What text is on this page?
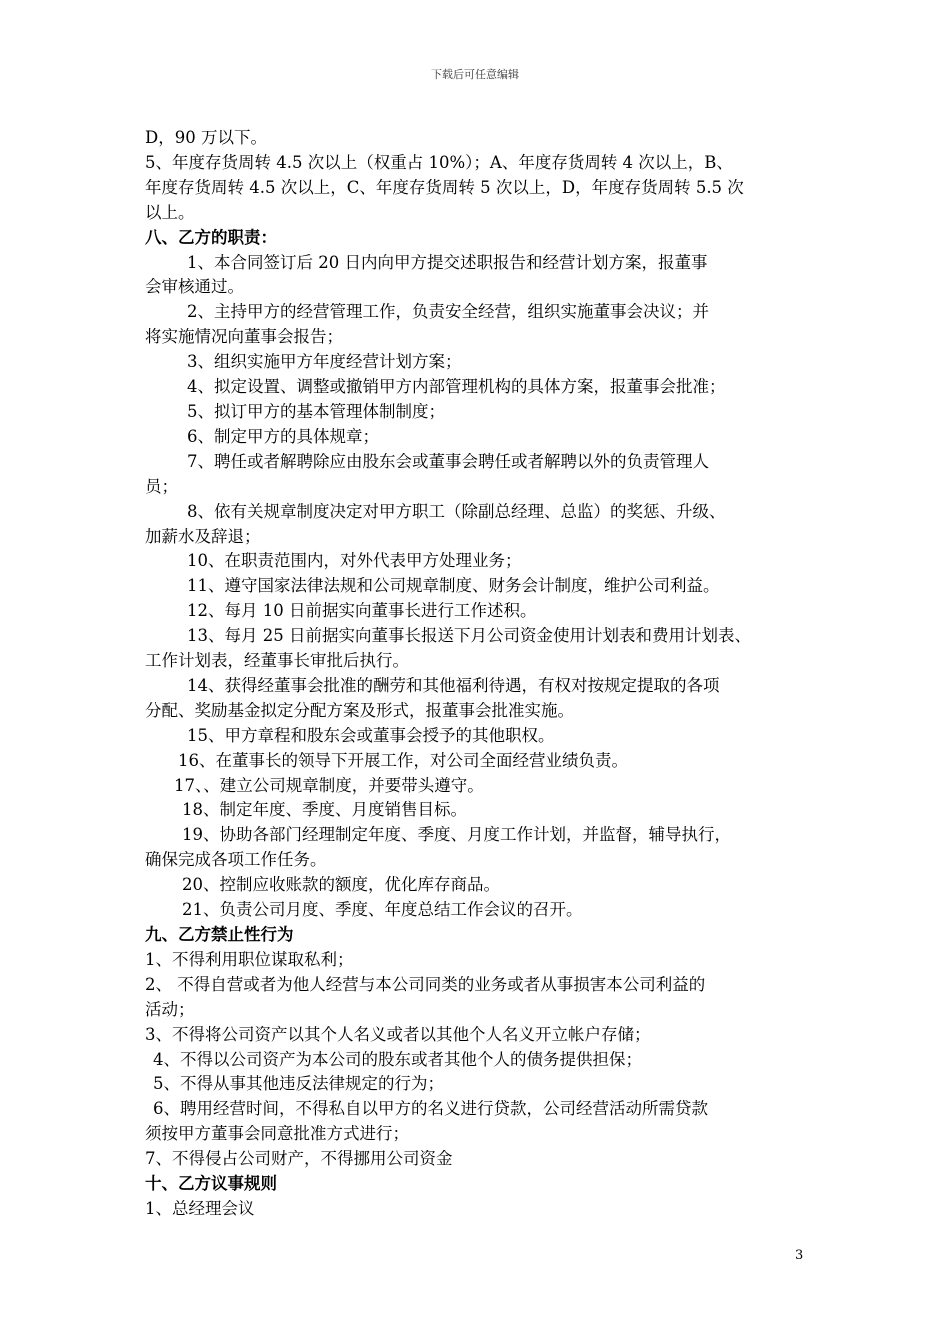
下载后可任意编辑
D，90 万以下。
5、年度存货周转 4.5 次以上（权重占 10%）；A、年度存货周转 4 次以上，B、
年度存货周转 4.5 次以上，C、年度存货周转 5 次以上，D，年度存货周转 5.5 次
以上。
八、乙方的职责：
1、本合同签订后 20 日内向甲方提交述职报告和经营计划方案，报董事
会审核通过。
2、主持甲方的经营管理工作，负责安全经营，组织实施董事会决议；并
将实施情况向董事会报告；
3、组织实施甲方年度经营计划方案；
4、拟定设置、调整或撤销甲方内部管理机构的具体方案，报董事会批准；
5、拟订甲方的基本管理体制制度；
6、制定甲方的具体规章；
7、聘任或者解聘除应由股东会或董事会聘任或者解聘以外的负责管理人
员；
8、依有关规章制度决定对甲方职工（除副总经理、总监）的奖惩、升级、
加薪水及辞退；
10、在职责范围内，对外代表甲方处理业务；
11、遵守国家法律法规和公司规章制度、财务会计制度，维护公司利益。
12、每月 10 日前据实向董事长进行工作述积。
13、每月 25 日前据实向董事长报送下月公司资金使用计划表和费用计划表、
工作计划表，经董事长审批后执行。
14、获得经董事会批准的酬劳和其他福利待遇，有权对按规定提取的各项
分配、奖励基金拟定分配方案及形式，报董事会批准实施。
15、甲方章程和股东会或董事会授予的其他职权。
16、在董事长的领导下开展工作，对公司全面经营业绩负责。
17、、建立公司规章制度，并要带头遵守。
18、制定年度、季度、月度销售目标。
19、协助各部门经理制定年度、季度、月度工作计划，并监督，辅导执行，
确保完成各项工作任务。
20、控制应收账款的额度，优化库存商品。
21、负责公司月度、季度、年度总结工作会议的召开。
九、乙方禁止性行为
1、不得利用职位谋取私利；
2、 不得自营或者为他人经营与本公司同类的业务或者从事损害本公司利益的
活动；
3、不得将公司资产以其个人名义或者以其他个人名义开立帐户存储；
4、不得以公司资产为本公司的股东或者其他个人的债务提供担保；
5、不得从事其他违反法律规定的行为；
6、聘用经营时间，不得私自以甲方的名义进行贷款，公司经营活动所需贷款
须按甲方董事会同意批准方式进行；
7、不得侵占公司财产，不得挪用公司资金
十、乙方议事规则
1、总经理会议
3
